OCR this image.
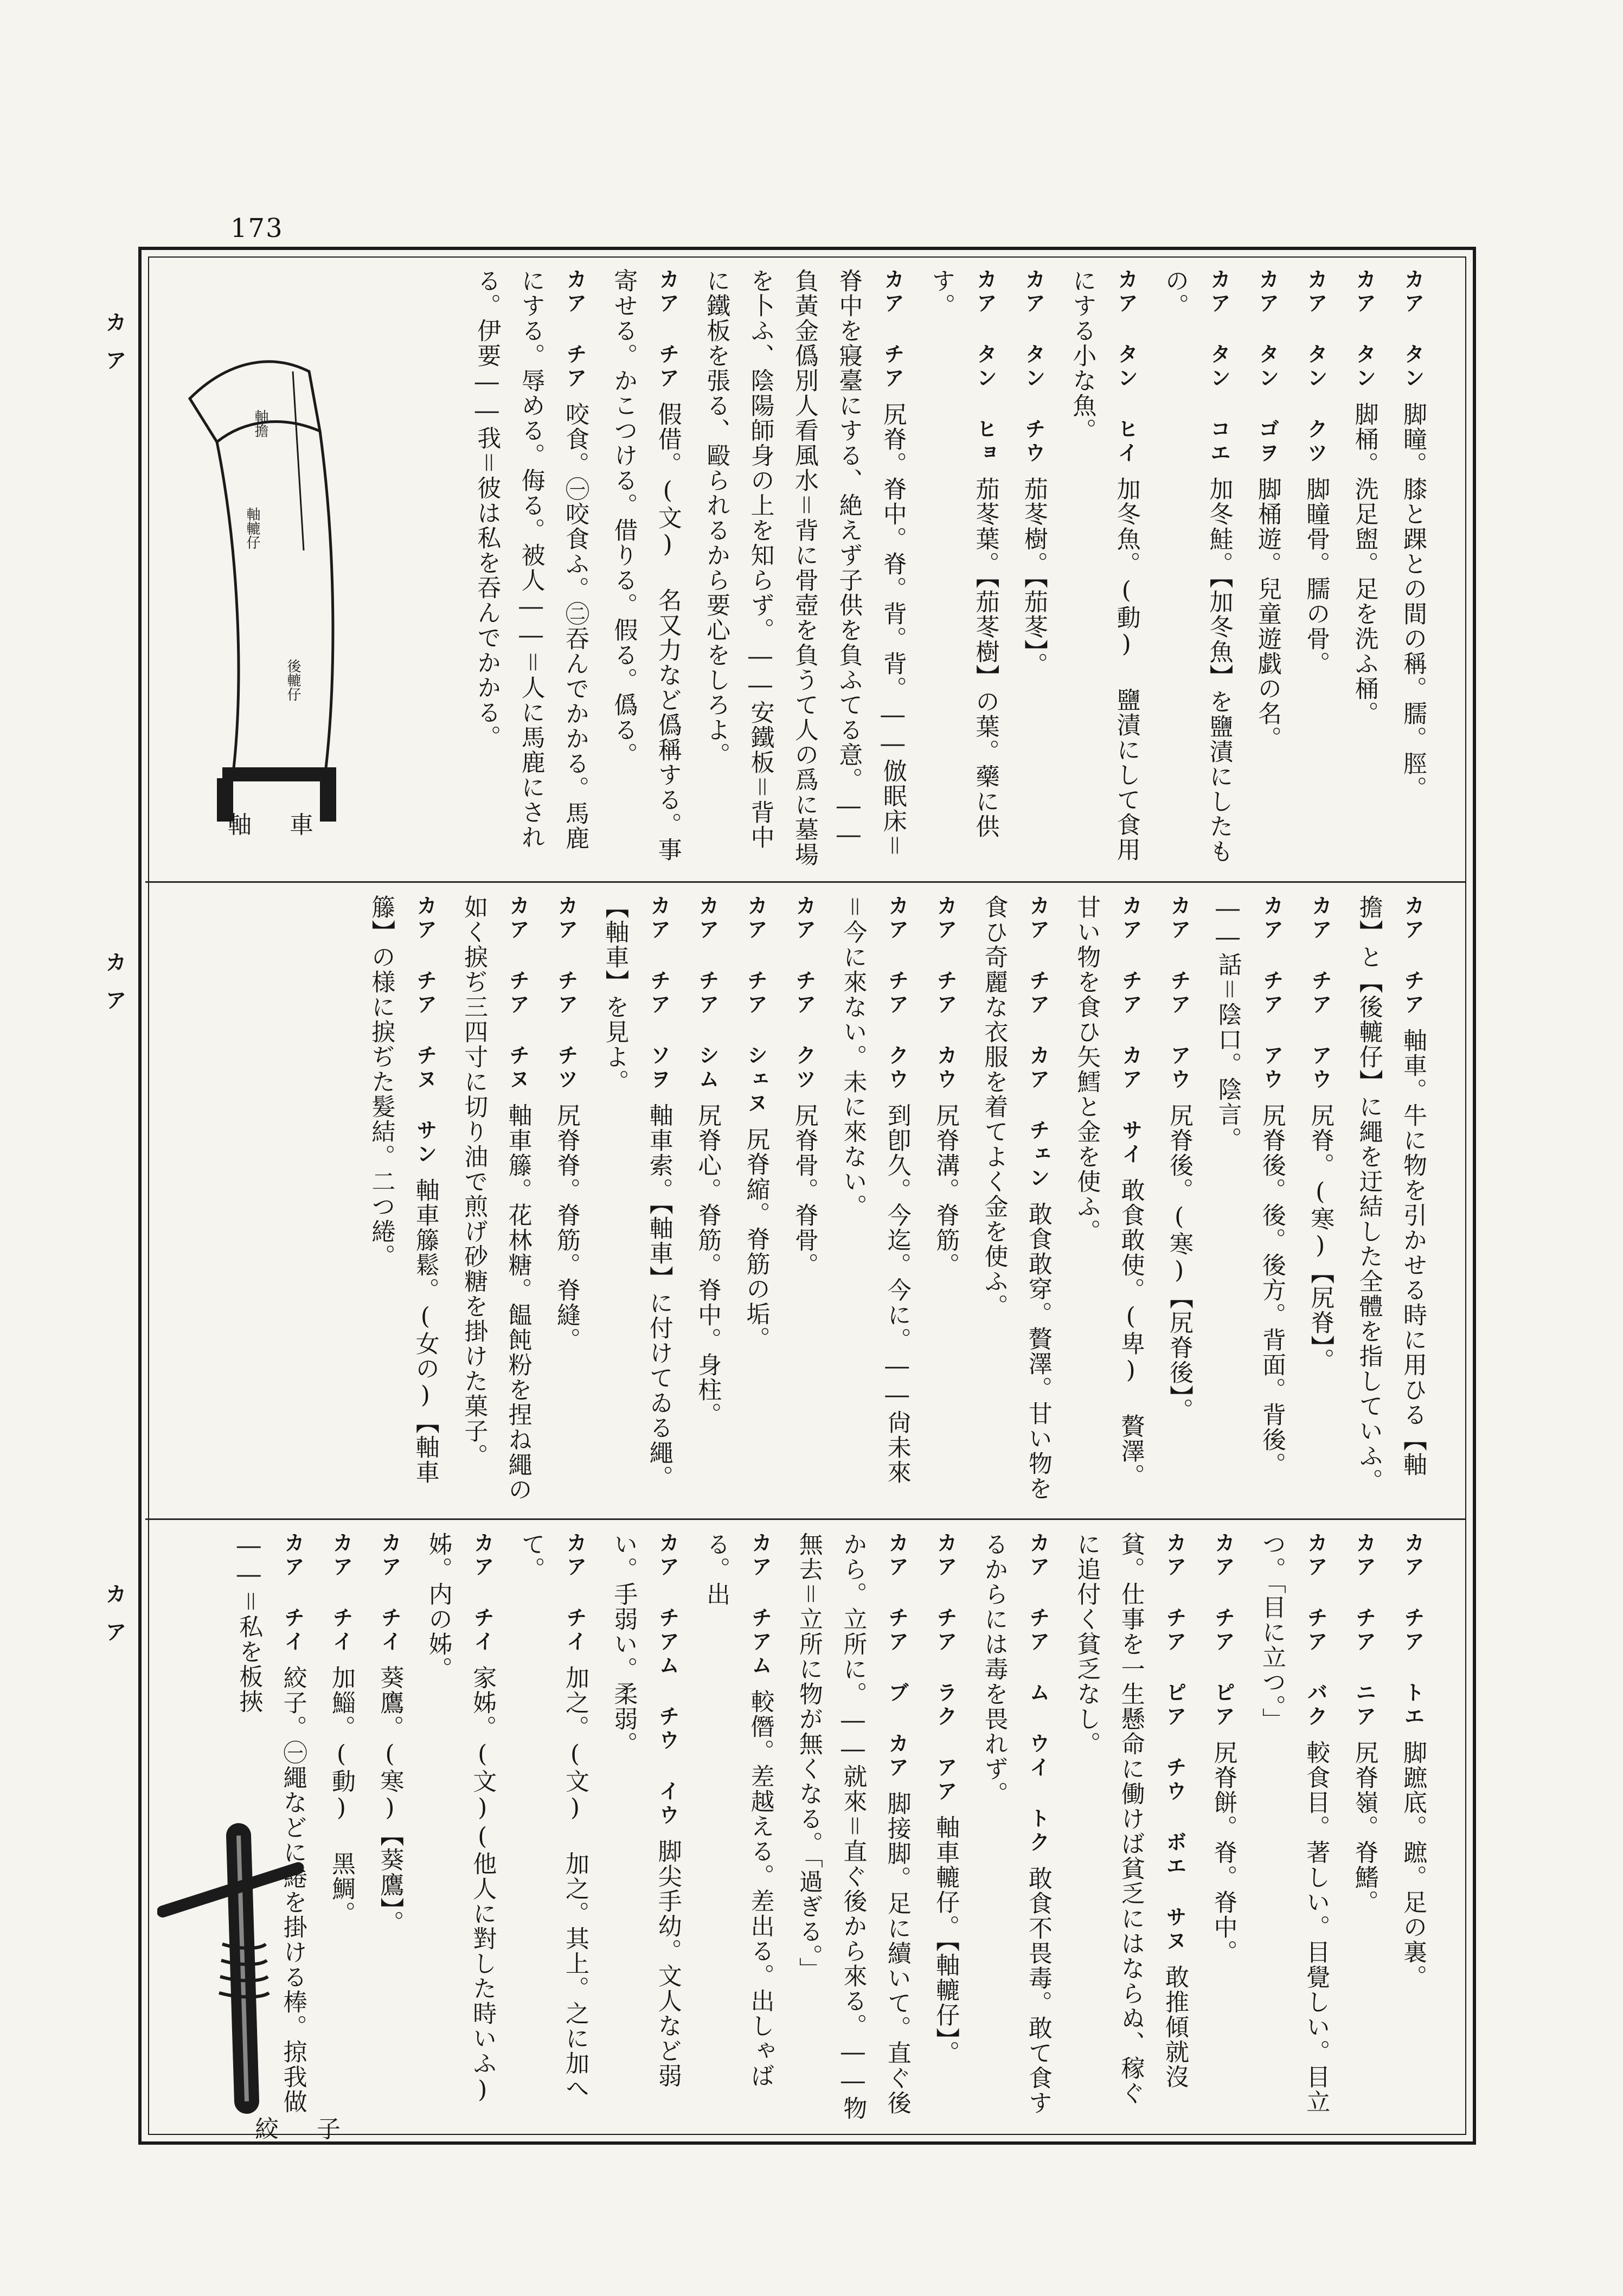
173
カア
カア
カア
カア タン脚瞳。膝と踝との間の稱。臑。脛。
カア タン脚桶。洗足盥。足を洗ふ桶。
カア タン クツ脚瞳骨。臑の骨。
カア タン ゴヲ脚桶遊。兒童遊戯の名。
カア タン コエ加冬鮭。【加冬魚】を鹽漬にしたもの。
カア タン ヒイ加冬魚。(動) 鹽漬にして食用にする小な魚。
カア タン チウ茄苳樹。【茄苳】。
カア タン ヒョ茄苳葉。【茄苳樹】の葉。藥に供す。
カア チア尻脊。脊中。脊。背。背。――倣眠床＝脊中を寢臺にする、絶えず子供を負ふてる意。――負黃金僞別人看風水＝背に骨壺を負うて人の爲に墓場を卜ふ、陰陽師身の上を知らず。――安鐵板＝背中に鐵板を張る、毆られるから要心をしろよ。
カア チア假借。(文) 名又力など僞稱する。事寄せる。かこつける。借りる。假る。僞る。
カア チア咬食。㊀咬食ふ。㊁吞んでかかる。馬鹿にする。辱める。侮る。被人――＝人に馬鹿にされる。伊要――我＝彼は私を吞んでかかる。
軸擔
軸轆仔
後轆仔
軸車
カア チア軸車。牛に物を引かせる時に用ひる【軸擔】と【後轆仔】に繩を迂結した全體を指していふ。
カア チア アウ尻脊。(寒)【尻脊】。
カア チア アウ尻脊後。後。後方。背面。背後。――話＝陰口。陰言。
カア チア アウ尻脊後。(寒)【尻脊後】。
カア チア カア サイ敢食敢使。(卑) 贅澤。甘い物を食ひ矢鱈と金を使ふ。
カア チア カア チェン敢食敢穿。贅澤。甘い物を食ひ奇麗な衣服を着てよく金を使ふ。
カア チア カウ尻脊溝。脊筋。
カア チア クウ到卽久。今迄。今に。――尙未來＝今に來ない。未に來ない。
カア チア クツ尻脊骨。脊骨。
カア チア シェヌ尻脊縮。脊筋の垢。
カア チア シム尻脊心。脊筋。脊中。身柱。
カア チア ソヲ軸車索。【軸車】に付けてゐる繩。【軸車】を見よ。
カア チア チツ尻脊脊。脊筋。脊縫。
カア チア チヌ軸車籐。花林糖。饂飩粉を捏ね繩の如く捩ぢ三四寸に切り油で煎げ砂糖を掛けた菓子。
カア チア チヌ サン軸車籐鬆。(女の)【軸車籐】の様に捩ぢた髮結。二つ綣。
カア チア トエ脚蹠底。蹠。足の裏。
カア チア ニア尻脊嶺。脊鰭。
カア チア バク較食目。著しい。目覺しい。目立つ。「目に立つ。」
カア チア ピア尻脊餅。脊。脊中。
カア チア ピア チウ ボエ サヌ敢推傾就沒貧。仕事を一生懸命に働けば貧乏にはならぬ、稼ぐに追付く貧乏なし。
カア チア ム ウイ トク敢食不畏毒。敢て食するからには毒を畏れず。
カア チア ラク アア軸車轆仔。【軸轆仔】。
カア チア ブ カア脚接脚。足に續いて。直ぐ後から。立所に。――就來＝直ぐ後から來る。――物無去＝立所に物が無くなる。「過ぎる。」
カア チアム較僭。差越える。差出る。出しゃばる。出
カア チアム チウ イウ脚尖手幼。文人など弱い。手弱い。柔弱。
カア チイ加之。(文) 加之。其上。之に加へて。
カア チイ家姊。(文)(他人に對した時いふ)姊。内の姊。
カア チイ葵鷹。(寒)【葵鷹】。
カア チイ加鯔。(動) 黑鯛。
カア チイ絞子。㊀繩などに綣を掛ける棒。掠我做――＝私を板挾
絞子
